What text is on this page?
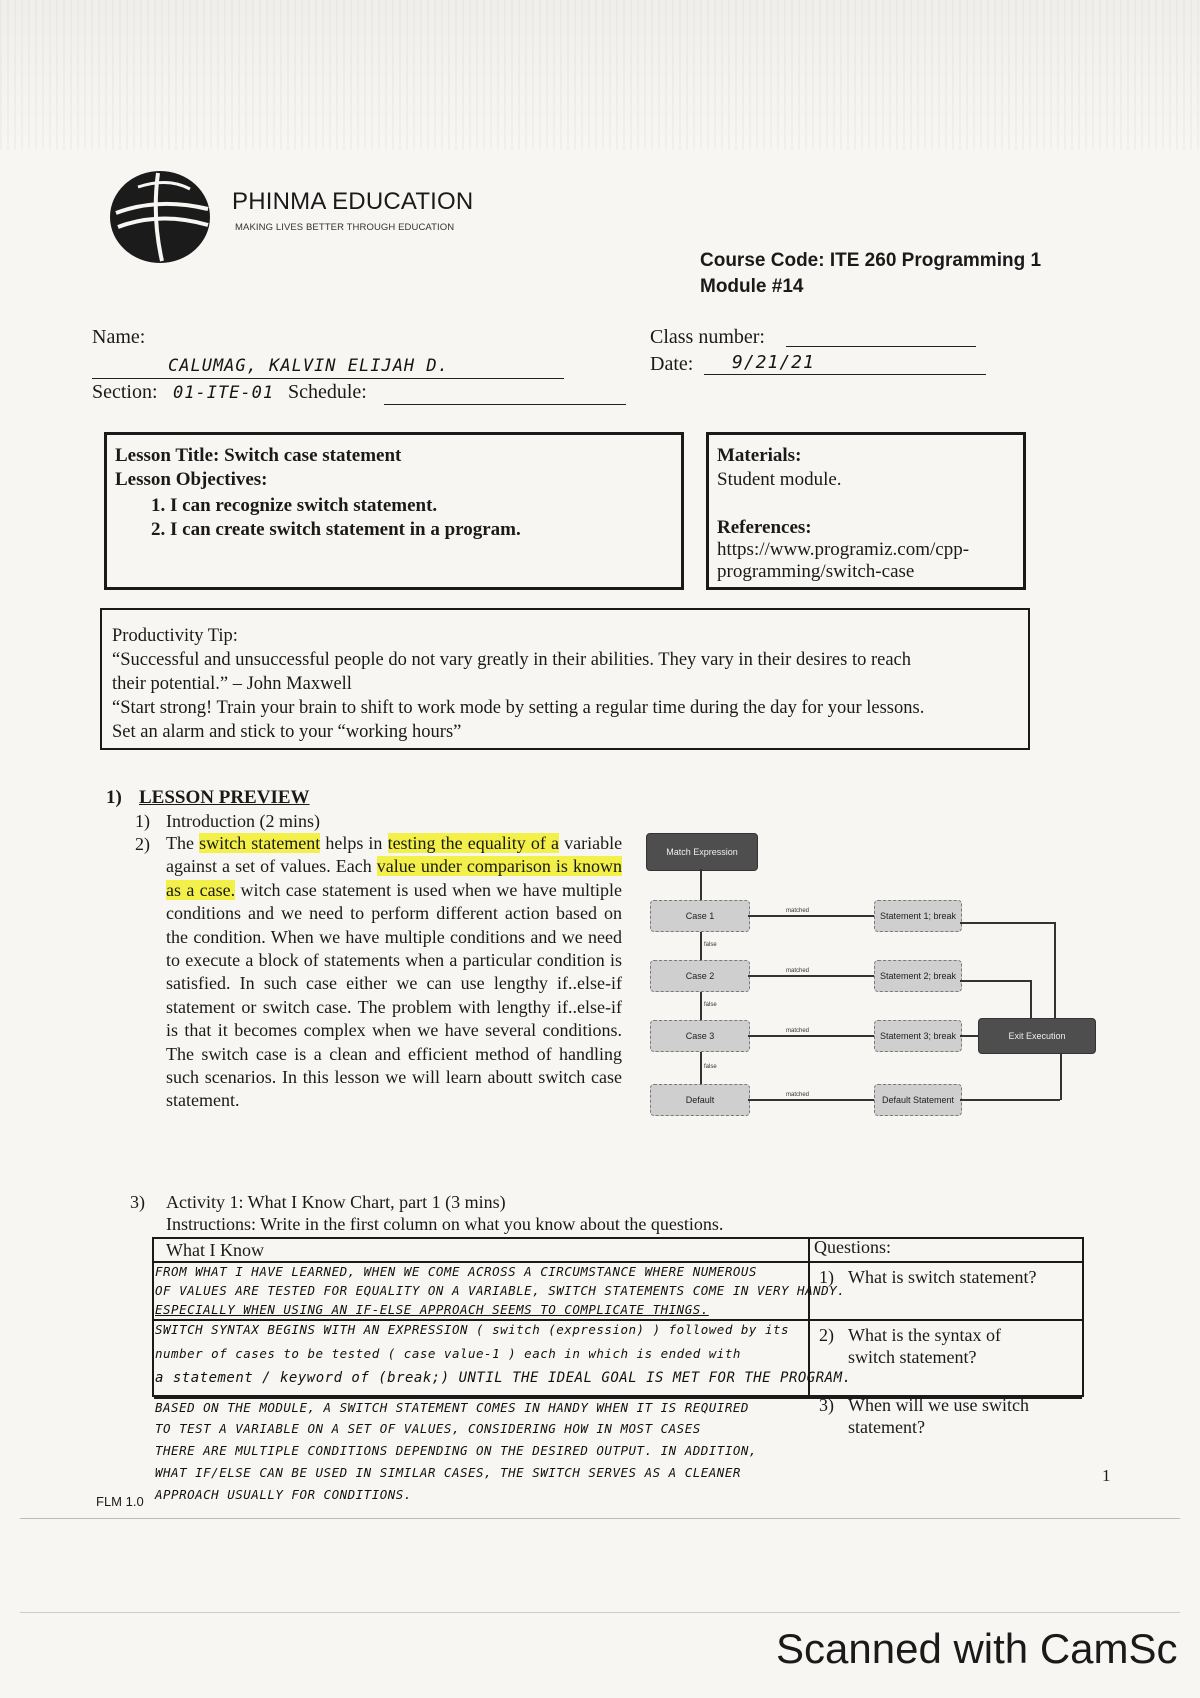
PHINMA EDUCATION
MAKING LIVES BETTER THROUGH EDUCATION
Course Code: ITE 260 Programming 1
Module #14
Name:
CALUMAG, KALVIN ELIJAH D.
Section: 01-ITE-01 Schedule:
Class number:
Date: 9/21/21
Lesson Title: Switch case statement
Lesson Objectives:
1. I can recognize switch statement.
2. I can create switch statement in a program.
Materials:
Student module.
References:
https://www.programiz.com/cpp-
programming/switch-case
Productivity Tip:
“Successful and unsuccessful people do not vary greatly in their abilities. They vary in their desires to reach
their potential.” – John Maxwell
“Start strong! Train your brain to shift to work mode by setting a regular time during the day for your lessons.
Set an alarm and stick to your “working hours”
1) LESSON PREVIEW
1) Introduction (2 mins)
2) The switch statement helps in testing the equality of a variable against a set of values. Each value under comparison is known as a case. witch case statement is used when we have multiple conditions and we need to perform different action based on the condition. When we have multiple conditions and we need to execute a block of statements when a particular condition is satisfied. In such case either we can use lengthy if..else-if statement or switch case. The problem with lengthy if..else-if is that it becomes complex when we have several conditions. The switch case is a clean and efficient method of handling such scenarios. In this lesson we will learn aboutt switch case statement.
Match Expression
Case 1
Case 2
Case 3
Default
false
false
false
matched
matched
matched
matched
Statement 1; break
Statement 2; break
Statement 3; break
Default Statement
Exit Execution
3) Activity 1: What I Know Chart, part 1 (3 mins)
Instructions: Write in the first column on what you know about the questions.
What I Know	Questions:
1) What is switch statement?
2) What is the syntax of
switch statement?
3) When will we use switch
statement?
FROM WHAT I HAVE LEARNED, WHEN WE COME ACROSS A CIRCUMSTANCE WHERE NUMEROUS
OF VALUES ARE TESTED FOR EQUALITY ON A VARIABLE, SWITCH STATEMENTS COME IN VERY HANDY.
ESPECIALLY WHEN USING AN IF-ELSE APPROACH SEEMS TO COMPLICATE THINGS.
SWITCH SYNTAX BEGINS WITH AN EXPRESSION ( switch (expression) ) followed by its
number of cases to be tested ( case value-1 ) each in which is ended with
a statement / keyword of (break;) UNTIL THE IDEAL GOAL IS MET FOR THE PROGRAM.
BASED ON THE MODULE, A SWITCH STATEMENT COMES IN HANDY WHEN IT IS REQUIRED
TO TEST A VARIABLE ON A SET OF VALUES, CONSIDERING HOW IN MOST CASES
THERE ARE MULTIPLE CONDITIONS DEPENDING ON THE DESIRED OUTPUT. IN ADDITION,
WHAT IF/ELSE CAN BE USED IN SIMILAR CASES, THE SWITCH SERVES AS A CLEANER
APPROACH USUALLY FOR CONDITIONS.
FLM 1.0
1
Scanned with CamSc
